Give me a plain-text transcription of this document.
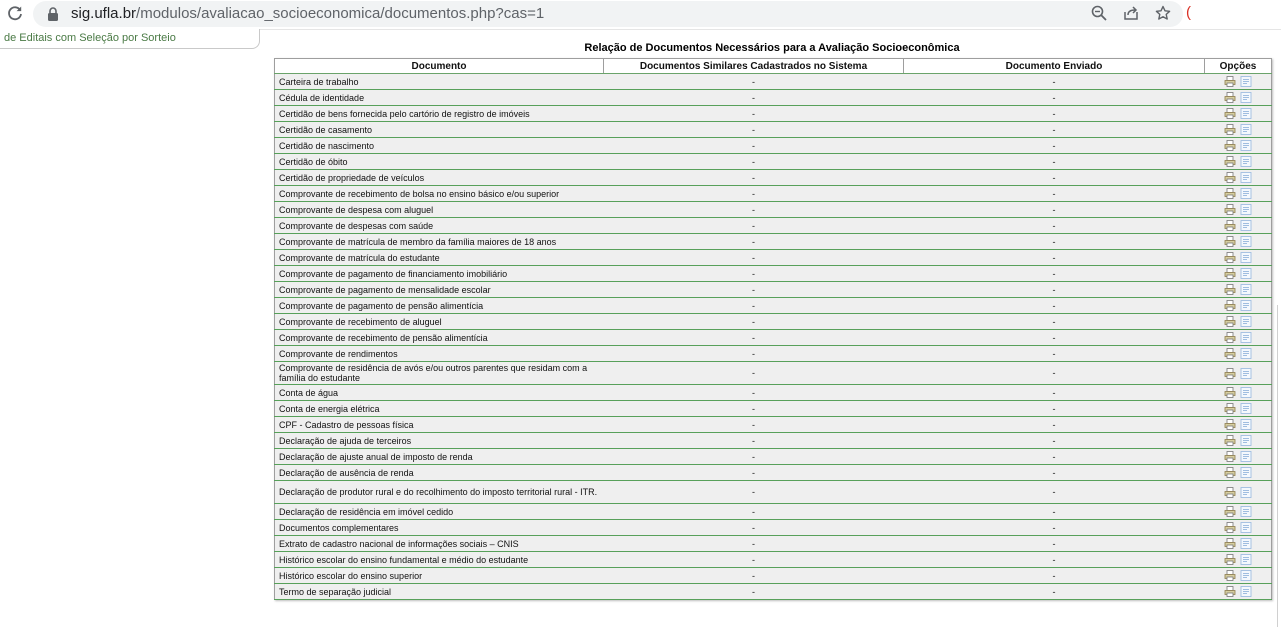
sig.ufla.br/modulos/avaliacao_socioeconomica/documentos.php?cas=1	(
de Editais com Seleção por Sorteio
Relação de Documentos Necessários para a Avaliação Socioeconômica
Documento	Documentos Similares Cadastrados no Sistema	Documento Enviado	Opções
Carteira de trabalho	-	-	
Cédula de identidade	-	-	
Certidão de bens fornecida pelo cartório de registro de imóveis	-	-	
Certidão de casamento	-	-	
Certidão de nascimento	-	-	
Certidão de óbito	-	-	
Certidão de propriedade de veículos	-	-	
Comprovante de recebimento de bolsa no ensino básico e/ou superior	-	-	
Comprovante de despesa com aluguel	-	-	
Comprovante de despesas com saúde	-	-	
Comprovante de matrícula de membro da família maiores de 18 anos	-	-	
Comprovante de matrícula do estudante	-	-	
Comprovante de pagamento de financiamento imobiliário	-	-	
Comprovante de pagamento de mensalidade escolar	-	-	
Comprovante de pagamento de pensão alimentícia	-	-	
Comprovante de recebimento de aluguel	-	-	
Comprovante de recebimento de pensão alimentícia	-	-	
Comprovante de rendimentos	-	-	
Comprovante de residência de avós e/ou outros parentes que residam com a família do estudante	-	-	
Conta de água	-	-	
Conta de energia elétrica	-	-	
CPF - Cadastro de pessoas física	-	-	
Declaração de ajuda de terceiros	-	-	
Declaração de ajuste anual de imposto de renda	-	-	
Declaração de ausência de renda	-	-	
Declaração de produtor rural e do recolhimento do imposto territorial rural - ITR.	-	-	
Declaração de residência em imóvel cedido	-	-	
Documentos complementares	-	-	
Extrato de cadastro nacional de informações sociais – CNIS	-	-	
Histórico escolar do ensino fundamental e médio do estudante	-	-	
Histórico escolar do ensino superior	-	-	
Termo de separação judicial	-	-	
